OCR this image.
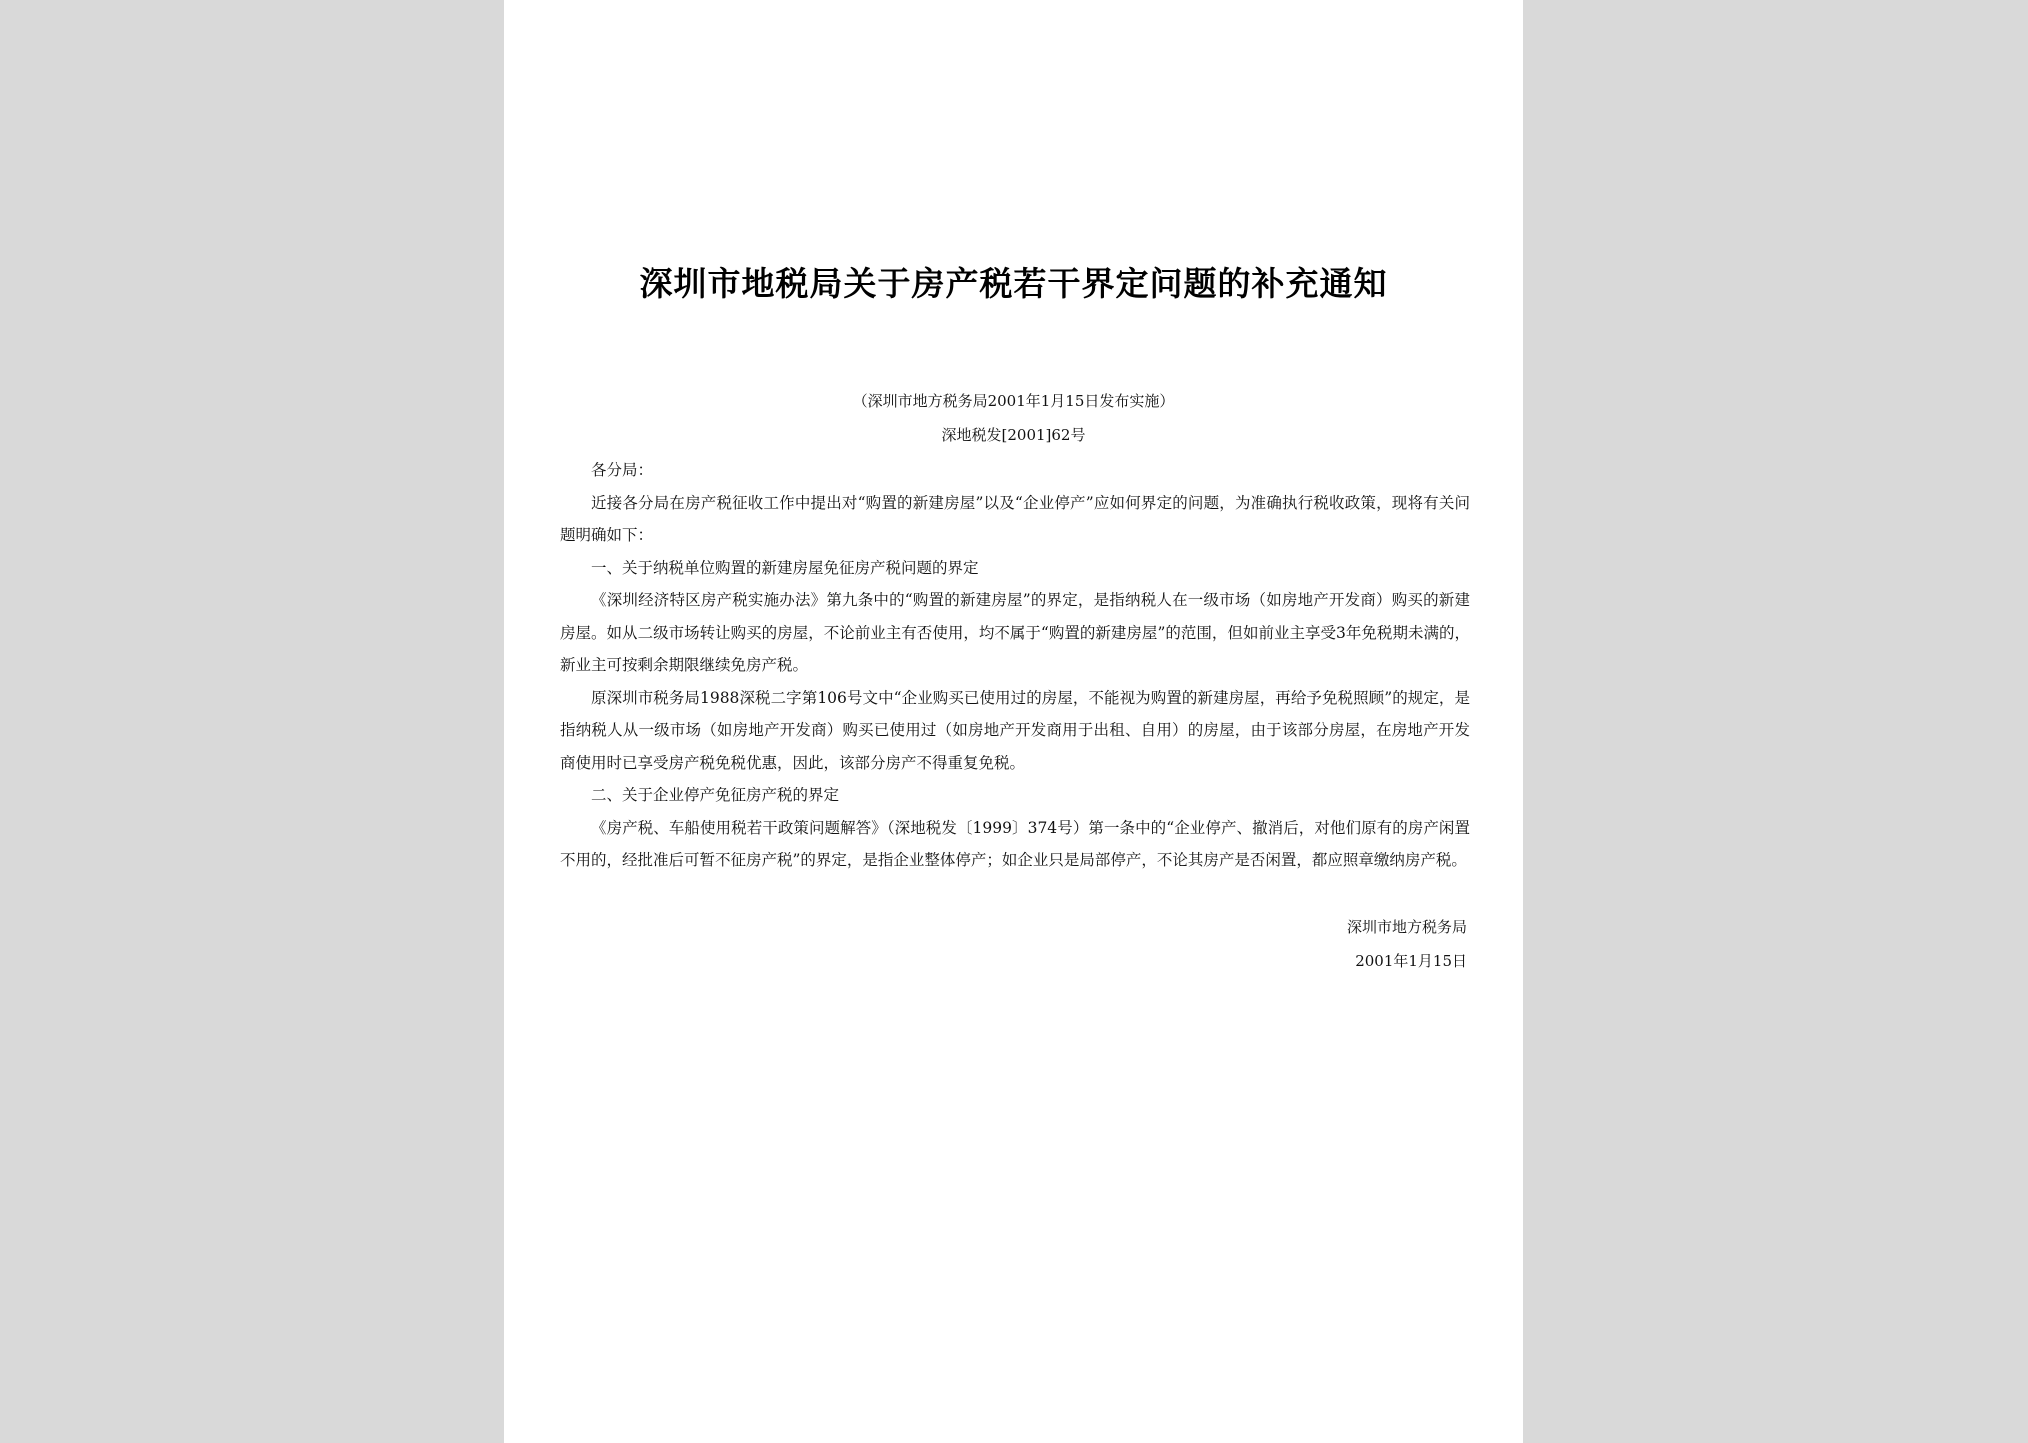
深圳市地税局关于房产税若干界定问题的补充通知
（深圳市地方税务局2001年1月15日发布实施）
深地税发[2001]62号

各分局：

近接各分局在房产税征收工作中提出对“购置的新建房屋”以及“企业停产”应如何界定的问题，为准确执行税收政策，现将有关问题明确如下：

一、关于纳税单位购置的新建房屋免征房产税问题的界定

《深圳经济特区房产税实施办法》第九条中的“购置的新建房屋”的界定，是指纳税人在一级市场（如房地产开发商）购买的新建房屋。如从二级市场转让购买的房屋，不论前业主有否使用，均不属于“购置的新建房屋”的范围，但如前业主享受3年免税期未满的，新业主可按剩余期限继续免房产税。

原深圳市税务局1988深税二字第106号文中“企业购买已使用过的房屋，不能视为购置的新建房屋，再给予免税照顾”的规定，是指纳税人从一级市场（如房地产开发商）购买已使用过（如房地产开发商用于出租、自用）的房屋，由于该部分房屋，在房地产开发商使用时已享受房产税免税优惠，因此，该部分房产不得重复免税。

二、关于企业停产免征房产税的界定

《房产税、车船使用税若干政策问题解答》（深地税发〔1999〕374号）第一条中的“企业停产、撤消后，对他们原有的房产闲置不用的，经批准后可暂不征房产税”的界定，是指企业整体停产；如企业只是局部停产，不论其房产是否闲置，都应照章缴纳房产税。

深圳市地方税务局
2001年1月15日
